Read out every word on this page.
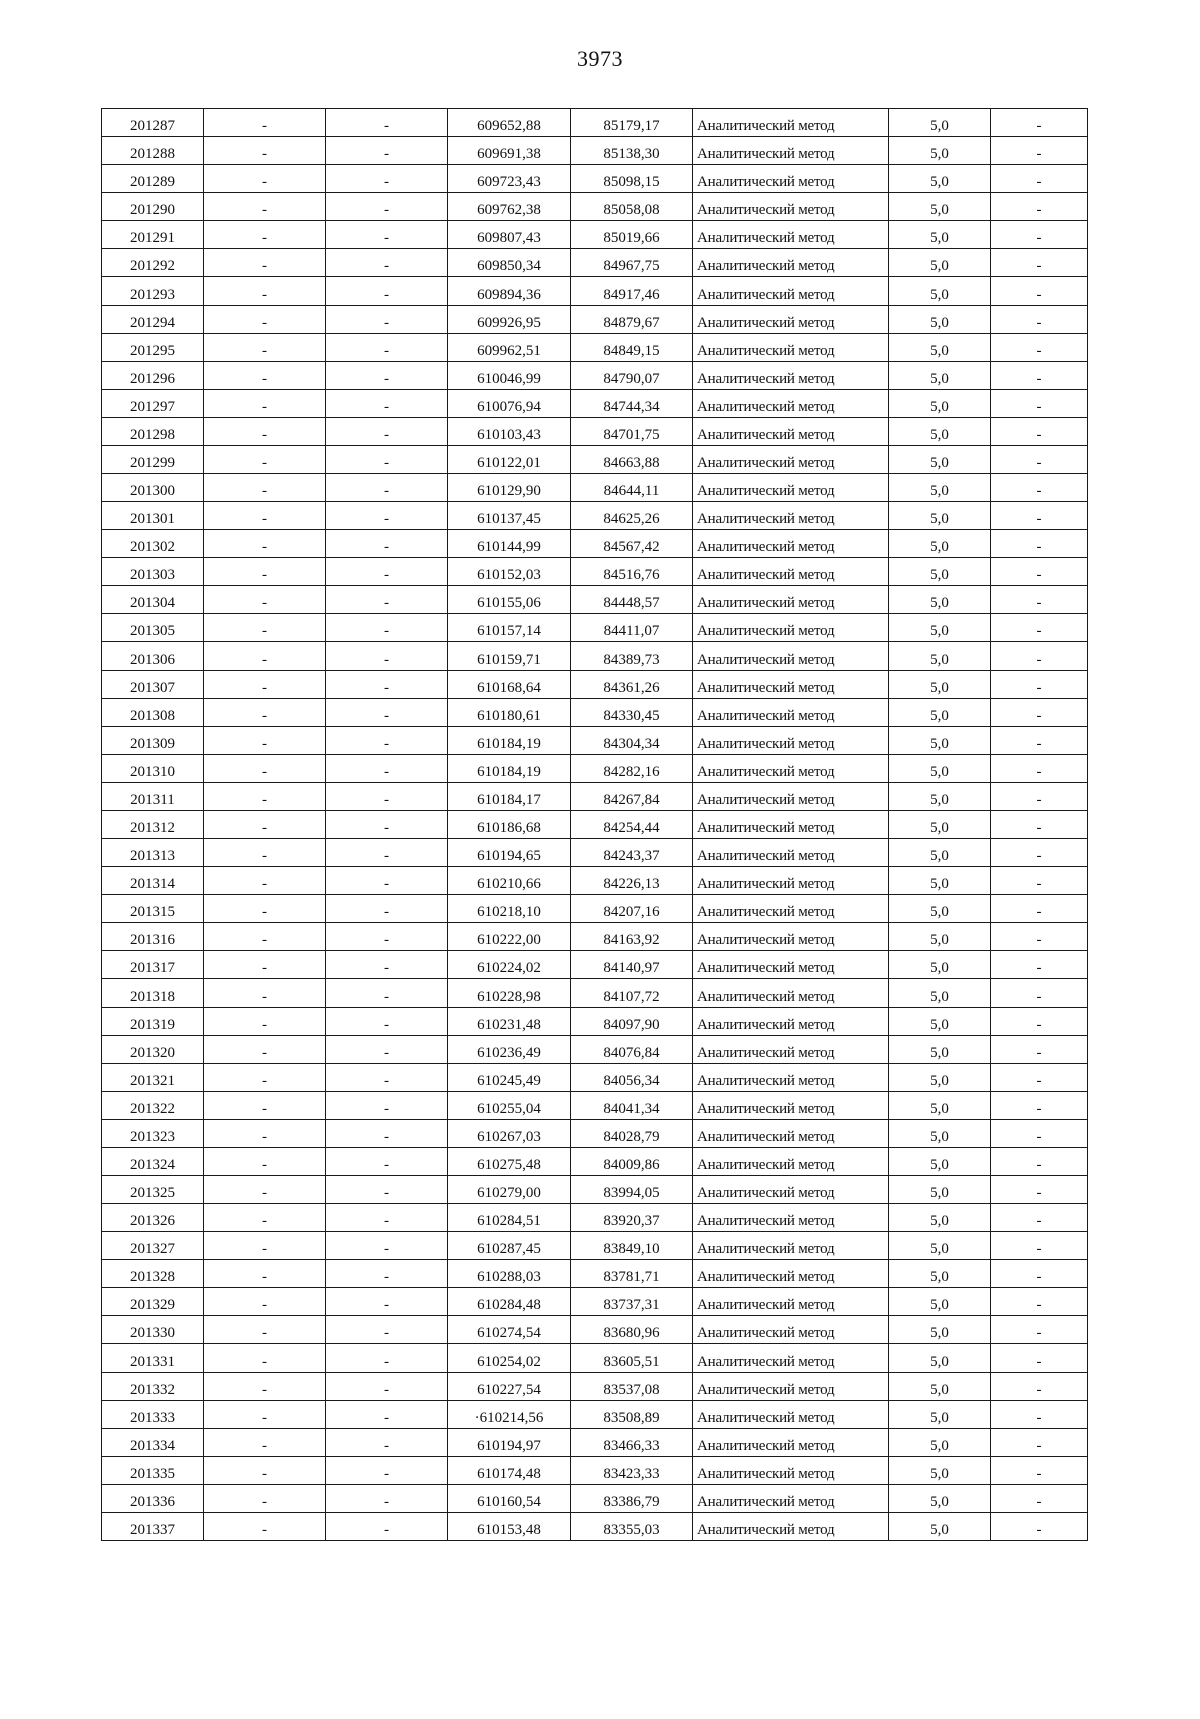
3973
201287	-	-	609652,88	85179,17	Аналитический метод	5,0	-
201288	-	-	609691,38	85138,30	Аналитический метод	5,0	-
201289	-	-	609723,43	85098,15	Аналитический метод	5,0	-
201290	-	-	609762,38	85058,08	Аналитический метод	5,0	-
201291	-	-	609807,43	85019,66	Аналитический метод	5,0	-
201292	-	-	609850,34	84967,75	Аналитический метод	5,0	-
201293	-	-	609894,36	84917,46	Аналитический метод	5,0	-
201294	-	-	609926,95	84879,67	Аналитический метод	5,0	-
201295	-	-	609962,51	84849,15	Аналитический метод	5,0	-
201296	-	-	610046,99	84790,07	Аналитический метод	5,0	-
201297	-	-	610076,94	84744,34	Аналитический метод	5,0	-
201298	-	-	610103,43	84701,75	Аналитический метод	5,0	-
201299	-	-	610122,01	84663,88	Аналитический метод	5,0	-
201300	-	-	610129,90	84644,11	Аналитический метод	5,0	-
201301	-	-	610137,45	84625,26	Аналитический метод	5,0	-
201302	-	-	610144,99	84567,42	Аналитический метод	5,0	-
201303	-	-	610152,03	84516,76	Аналитический метод	5,0	-
201304	-	-	610155,06	84448,57	Аналитический метод	5,0	-
201305	-	-	610157,14	84411,07	Аналитический метод	5,0	-
201306	-	-	610159,71	84389,73	Аналитический метод	5,0	-
201307	-	-	610168,64	84361,26	Аналитический метод	5,0	-
201308	-	-	610180,61	84330,45	Аналитический метод	5,0	-
201309	-	-	610184,19	84304,34	Аналитический метод	5,0	-
201310	-	-	610184,19	84282,16	Аналитический метод	5,0	-
201311	-	-	610184,17	84267,84	Аналитический метод	5,0	-
201312	-	-	610186,68	84254,44	Аналитический метод	5,0	-
201313	-	-	610194,65	84243,37	Аналитический метод	5,0	-
201314	-	-	610210,66	84226,13	Аналитический метод	5,0	-
201315	-	-	610218,10	84207,16	Аналитический метод	5,0	-
201316	-	-	610222,00	84163,92	Аналитический метод	5,0	-
201317	-	-	610224,02	84140,97	Аналитический метод	5,0	-
201318	-	-	610228,98	84107,72	Аналитический метод	5,0	-
201319	-	-	610231,48	84097,90	Аналитический метод	5,0	-
201320	-	-	610236,49	84076,84	Аналитический метод	5,0	-
201321	-	-	610245,49	84056,34	Аналитический метод	5,0	-
201322	-	-	610255,04	84041,34	Аналитический метод	5,0	-
201323	-	-	610267,03	84028,79	Аналитический метод	5,0	-
201324	-	-	610275,48	84009,86	Аналитический метод	5,0	-
201325	-	-	610279,00	83994,05	Аналитический метод	5,0	-
201326	-	-	610284,51	83920,37	Аналитический метод	5,0	-
201327	-	-	610287,45	83849,10	Аналитический метод	5,0	-
201328	-	-	610288,03	83781,71	Аналитический метод	5,0	-
201329	-	-	610284,48	83737,31	Аналитический метод	5,0	-
201330	-	-	610274,54	83680,96	Аналитический метод	5,0	-
201331	-	-	610254,02	83605,51	Аналитический метод	5,0	-
201332	-	-	610227,54	83537,08	Аналитический метод	5,0	-
201333	-	-	·610214,56	83508,89	Аналитический метод	5,0	-
201334	-	-	610194,97	83466,33	Аналитический метод	5,0	-
201335	-	-	610174,48	83423,33	Аналитический метод	5,0	-
201336	-	-	610160,54	83386,79	Аналитический метод	5,0	-
201337	-	-	610153,48	83355,03	Аналитический метод	5,0	-
